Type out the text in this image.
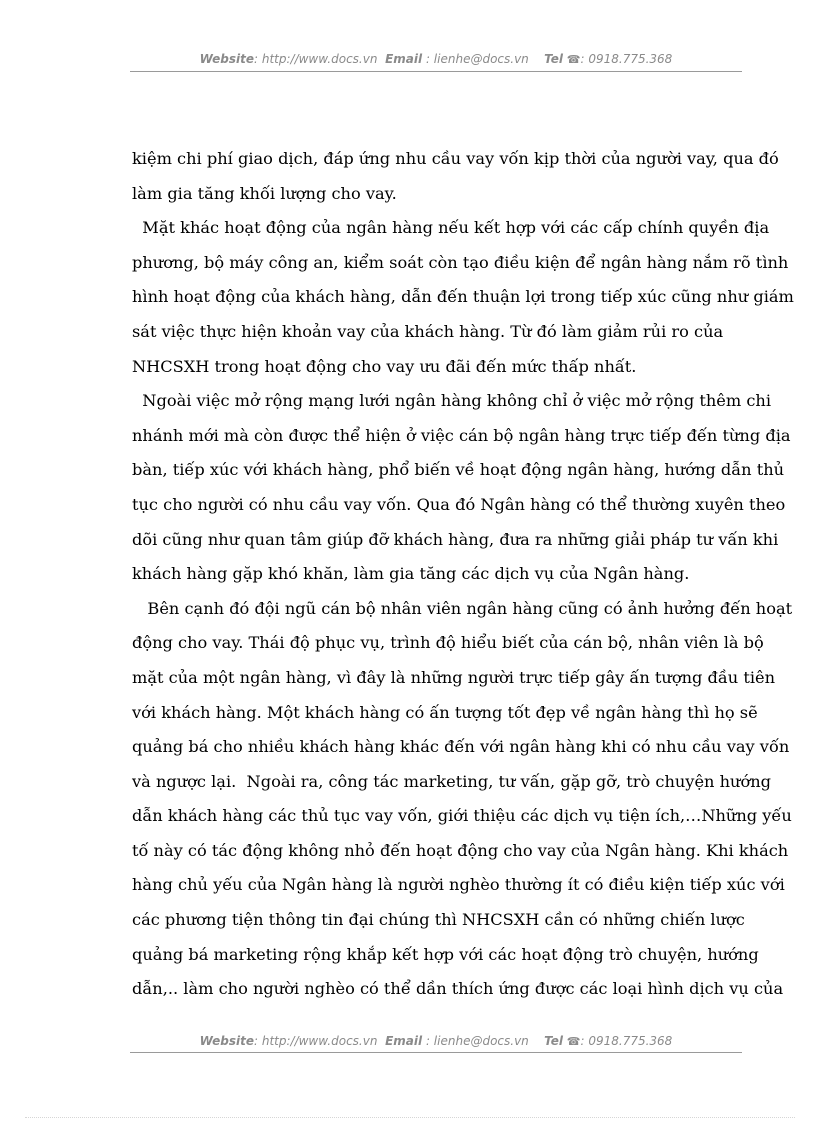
Website: http://www.docs.vn Email : lienhe@docs.vn Tel ☎: 0918.775.368
kiệm chi phí giao dịch, đáp ứng nhu cầu vay vốn kịp thời của người vay, qua đó
làm gia tăng khối lượng cho vay.
Mặt khác hoạt động của ngân hàng nếu kết hợp với các cấp chính quyền địa
phương, bộ máy công an, kiểm soát còn tạo điều kiện để ngân hàng nắm rõ tình
hình hoạt động của khách hàng, dẫn đến thuận lợi trong tiếp xúc cũng như giám
sát việc thực hiện khoản vay của khách hàng. Từ đó làm giảm rủi ro của
NHCSXH trong hoạt động cho vay ưu đãi đến mức thấp nhất.
Ngoài việc mở rộng mạng lưới ngân hàng không chỉ ở việc mở rộng thêm chi
nhánh mới mà còn được thể hiện ở việc cán bộ ngân hàng trực tiếp đến từng địa
bàn, tiếp xúc với khách hàng, phổ biến về hoạt động ngân hàng, hướng dẫn thủ
tục cho người có nhu cầu vay vốn. Qua đó Ngân hàng có thể thường xuyên theo
dõi cũng như quan tâm giúp đỡ khách hàng, đưa ra những giải pháp tư vấn khi
khách hàng gặp khó khăn, làm gia tăng các dịch vụ của Ngân hàng.
Bên cạnh đó đội ngũ cán bộ nhân viên ngân hàng cũng có ảnh hưởng đến hoạt
động cho vay. Thái độ phục vụ, trình độ hiểu biết của cán bộ, nhân viên là bộ
mặt của một ngân hàng, vì đây là những người trực tiếp gây ấn tượng đầu tiên
với khách hàng. Một khách hàng có ấn tượng tốt đẹp về ngân hàng thì họ sẽ
quảng bá cho nhiều khách hàng khác đến với ngân hàng khi có nhu cầu vay vốn
và ngược lại.  Ngoài ra, công tác marketing, tư vấn, gặp gỡ, trò chuyện hướng
dẫn khách hàng các thủ tục vay vốn, giới thiệu các dịch vụ tiện ích,…Những yếu
tố này có tác động không nhỏ đến hoạt động cho vay của Ngân hàng. Khi khách
hàng chủ yếu của Ngân hàng là người nghèo thường ít có điều kiện tiếp xúc với
các phương tiện thông tin đại chúng thì NHCSXH cần có những chiến lược
quảng bá marketing rộng khắp kết hợp với các hoạt động trò chuyện, hướng
dẫn,.. làm cho người nghèo có thể dần thích ứng được các loại hình dịch vụ của
Website: http://www.docs.vn Email : lienhe@docs.vn Tel ☎: 0918.775.368
